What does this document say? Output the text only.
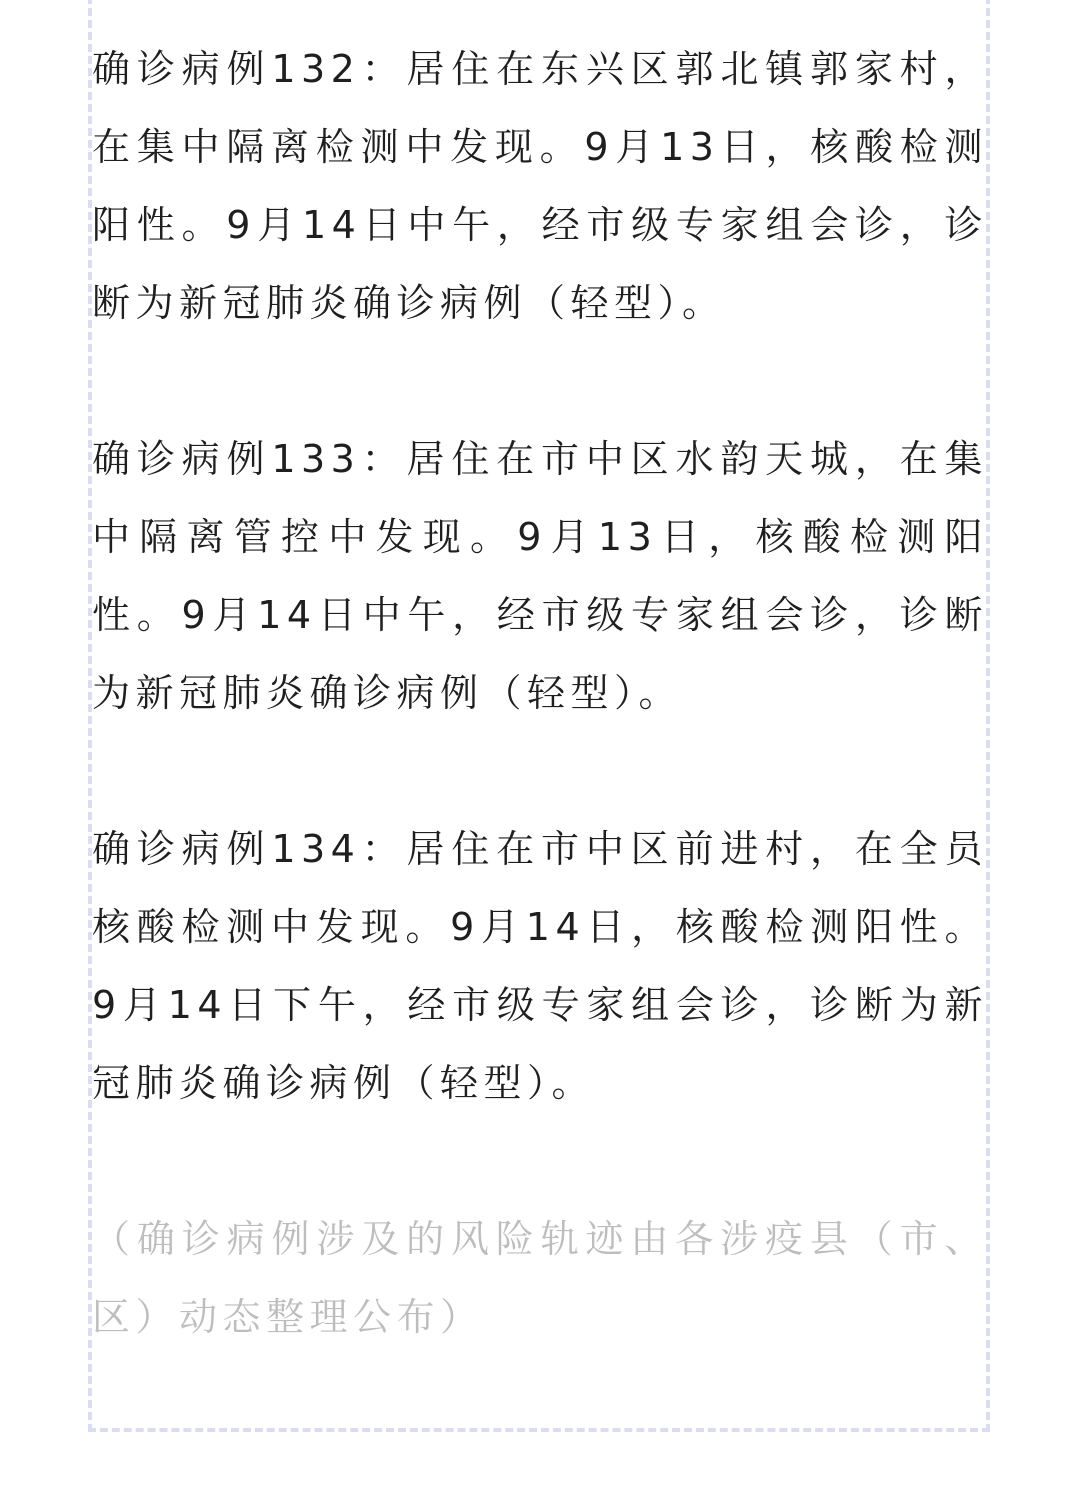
确诊病例132：居住在东兴区郭北镇郭家村，在集中隔离检测中发现。9月13日，核酸检测阳性。9月14日中午，经市级专家组会诊，诊断为新冠肺炎确诊病例（轻型）。

确诊病例133：居住在市中区水韵天城，在集中隔离管控中发现。9月13日，核酸检测阳性。9月14日中午，经市级专家组会诊，诊断为新冠肺炎确诊病例（轻型）。

确诊病例134：居住在市中区前进村，在全员核酸检测中发现。9月14日，核酸检测阳性。9月14日下午，经市级专家组会诊，诊断为新冠肺炎确诊病例（轻型）。

（确诊病例涉及的风险轨迹由各涉疫县（市、区）动态整理公布）
